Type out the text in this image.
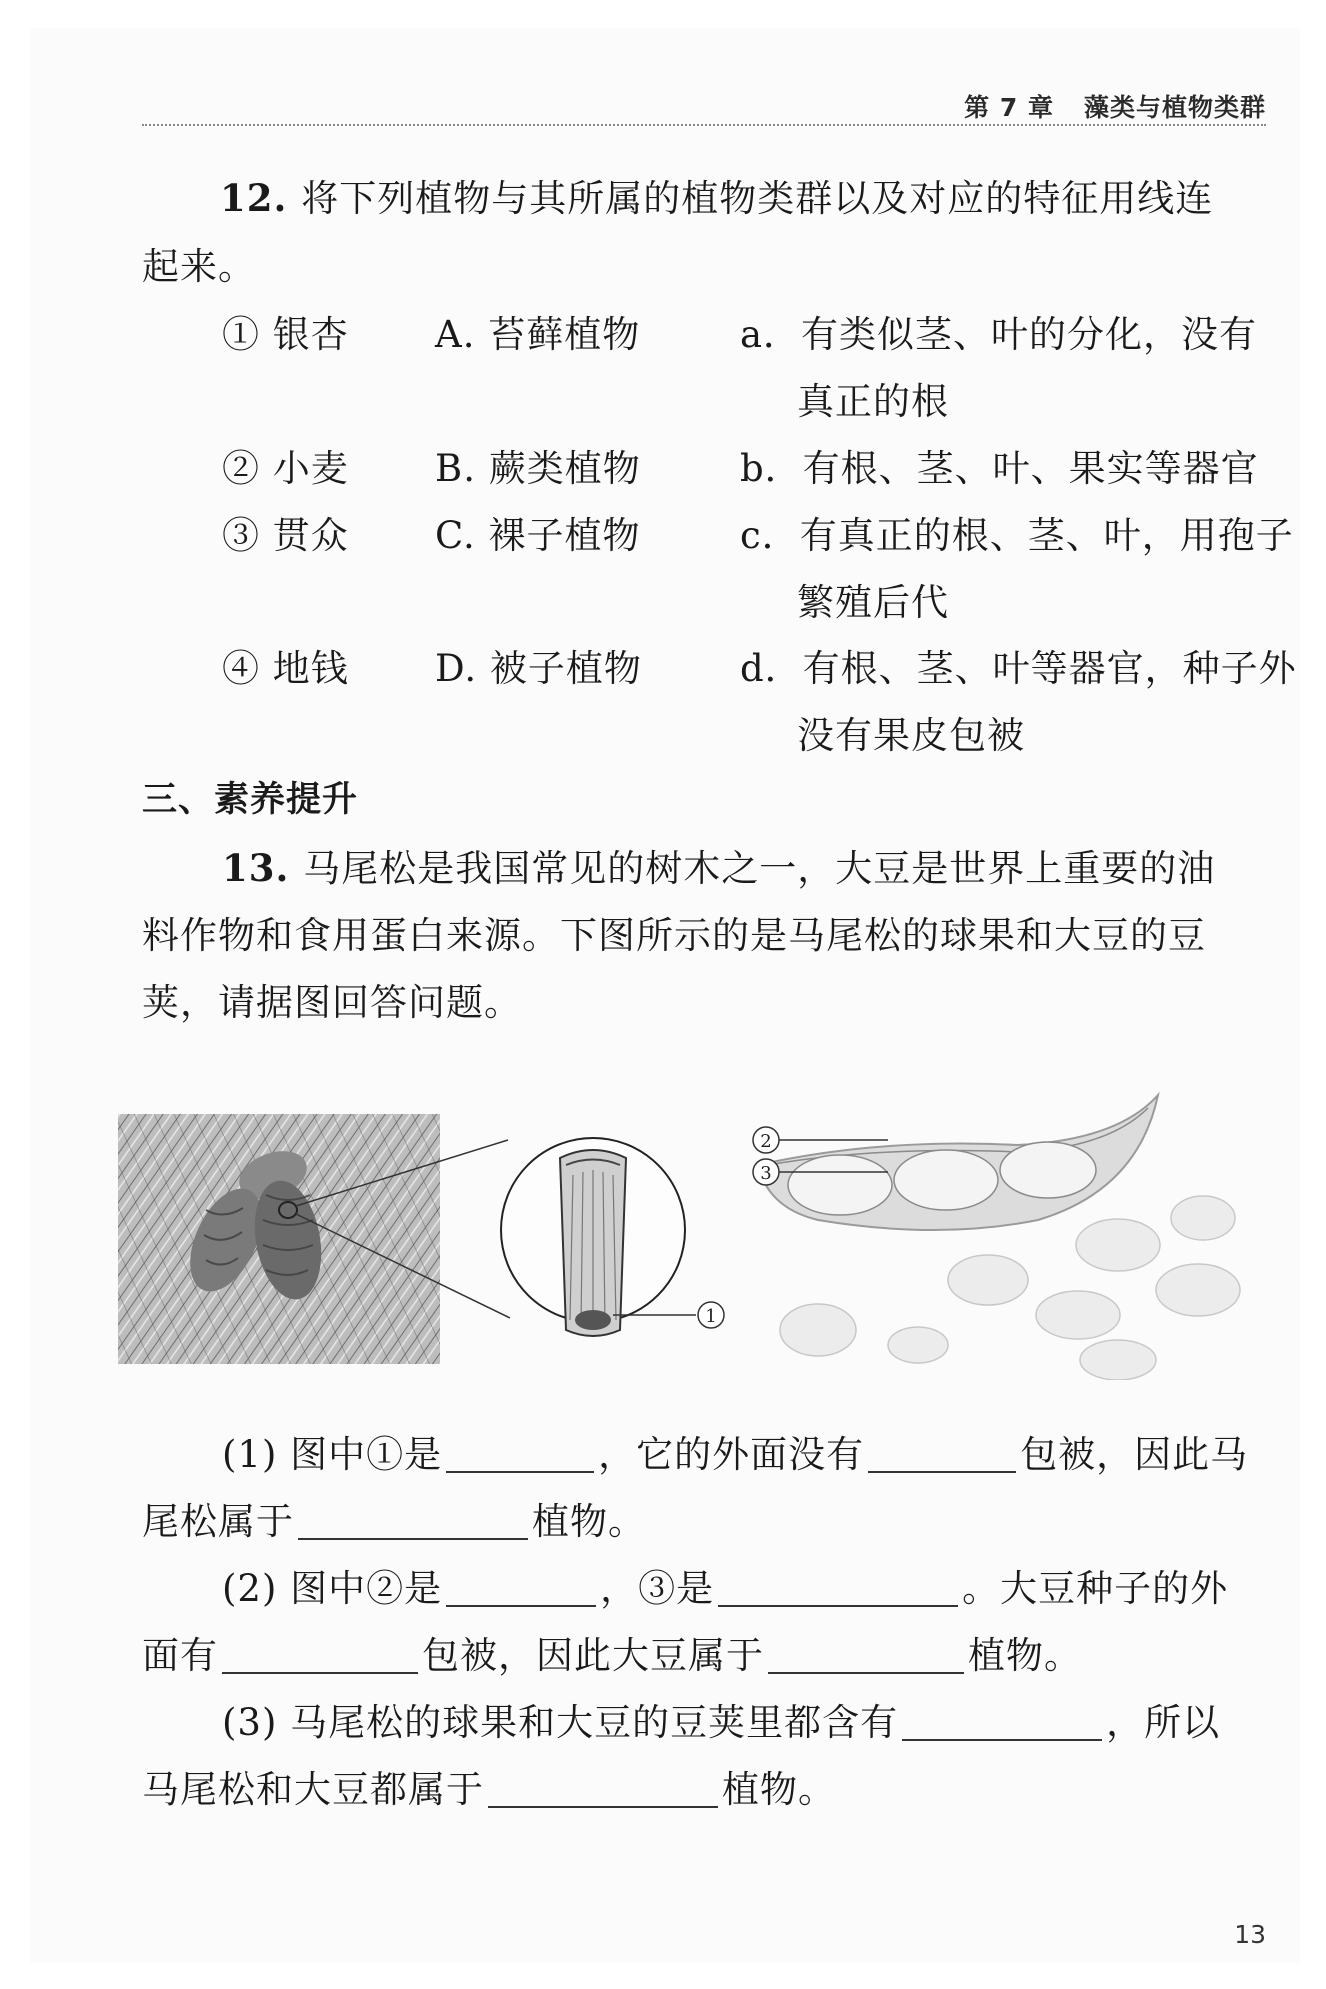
第 7 章 藻类与植物类群
12. 将下列植物与其所属的植物类群以及对应的特征用线连
起来。
① 银杏 A. 苔藓植物	a．有类似茎、叶的分化，没有
真正的根
② 小麦 B. 蕨类植物	b．有根、茎、叶、果实等器官
③ 贯众 C. 裸子植物	c．有真正的根、茎、叶，用孢子
繁殖后代
④ 地钱 D. 被子植物	d．有根、茎、叶等器官，种子外
没有果皮包被
三、素养提升
13. 马尾松是我国常见的树木之一，大豆是世界上重要的油
料作物和食用蛋白来源。下图所示的是马尾松的球果和大豆的豆
荚，请据图回答问题。
1
2
3
(1) 图中①是	，它的外面没有	包被，因此马
尾松属于	植物。
(2) 图中②是	，③是	。大豆种子的外
面有	包被，因此大豆属于	植物。
(3) 马尾松的球果和大豆的豆荚里都含有	，所以
马尾松和大豆都属于	植物。
13
